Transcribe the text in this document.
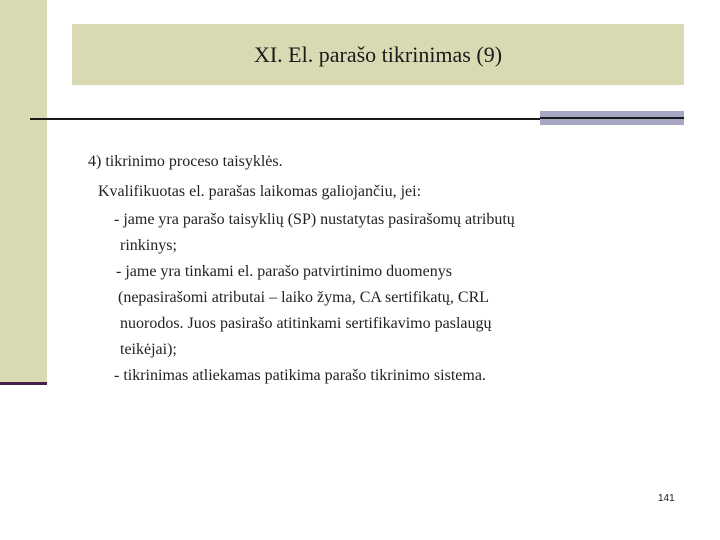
XI. El. parašo tikrinimas (9)
4) tikrinimo proceso taisyklės.
Kvalifikuotas el. parašas laikomas galiojančiu, jei:
- jame yra parašo taisyklių (SP) nustatytas pasirašomų atributų
rinkinys;
- jame yra tinkami el. parašo patvirtinimo duomenys
(nepasirašomi atributai – laiko žyma, CA sertifikatų, CRL
nuorodos. Juos pasirašo atitinkami sertifikavimo paslaugų
teikėjai);
- tikrinimas atliekamas patikima parašo tikrinimo sistema.
141
